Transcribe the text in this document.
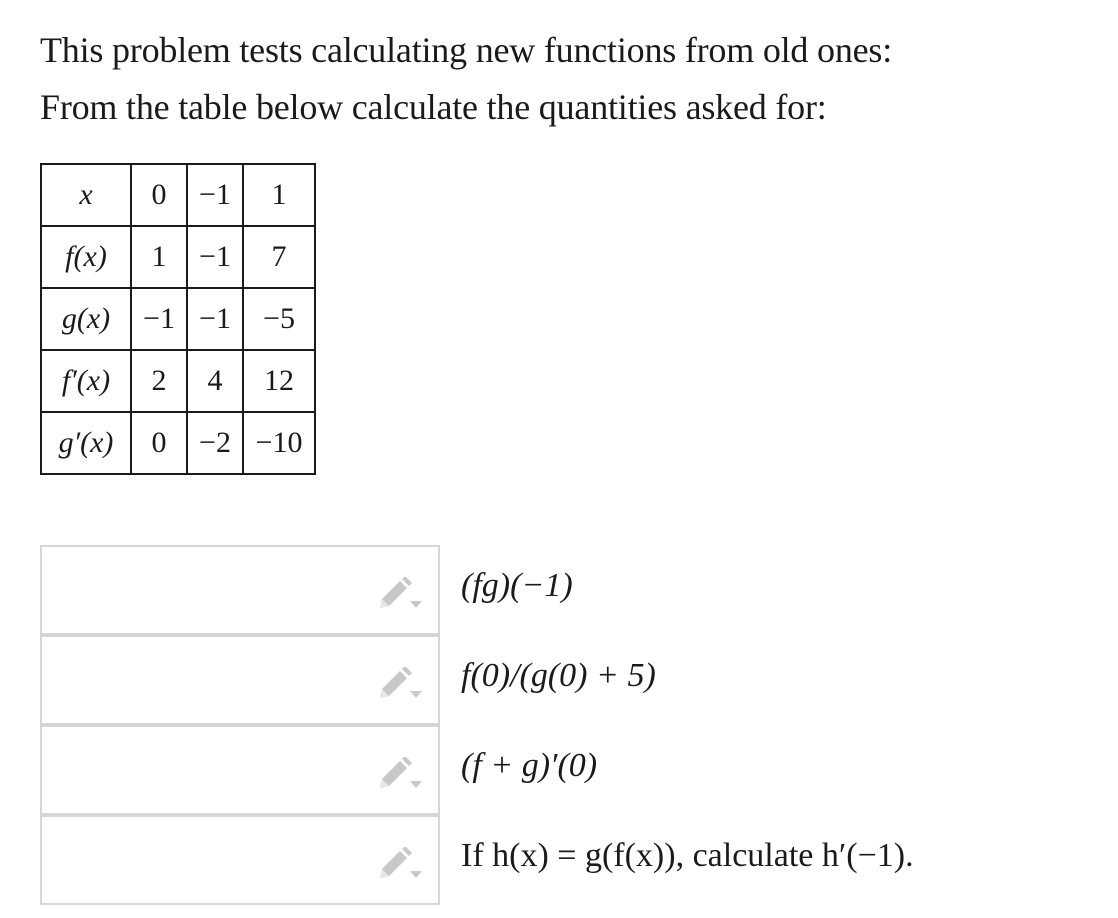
This problem tests calculating new functions from old ones:
From the table below calculate the quantities asked for:
x	0	−1	1
f(x)	1	−1	7
g(x)	−1	−1	−5
f′(x)	2	4	12
g′(x)	0	−2	−10
(fg)(−1)
f(0)/(g(0) + 5)
(f + g)′(0)
If h(x) = g(f(x)), calculate h′(−1).
